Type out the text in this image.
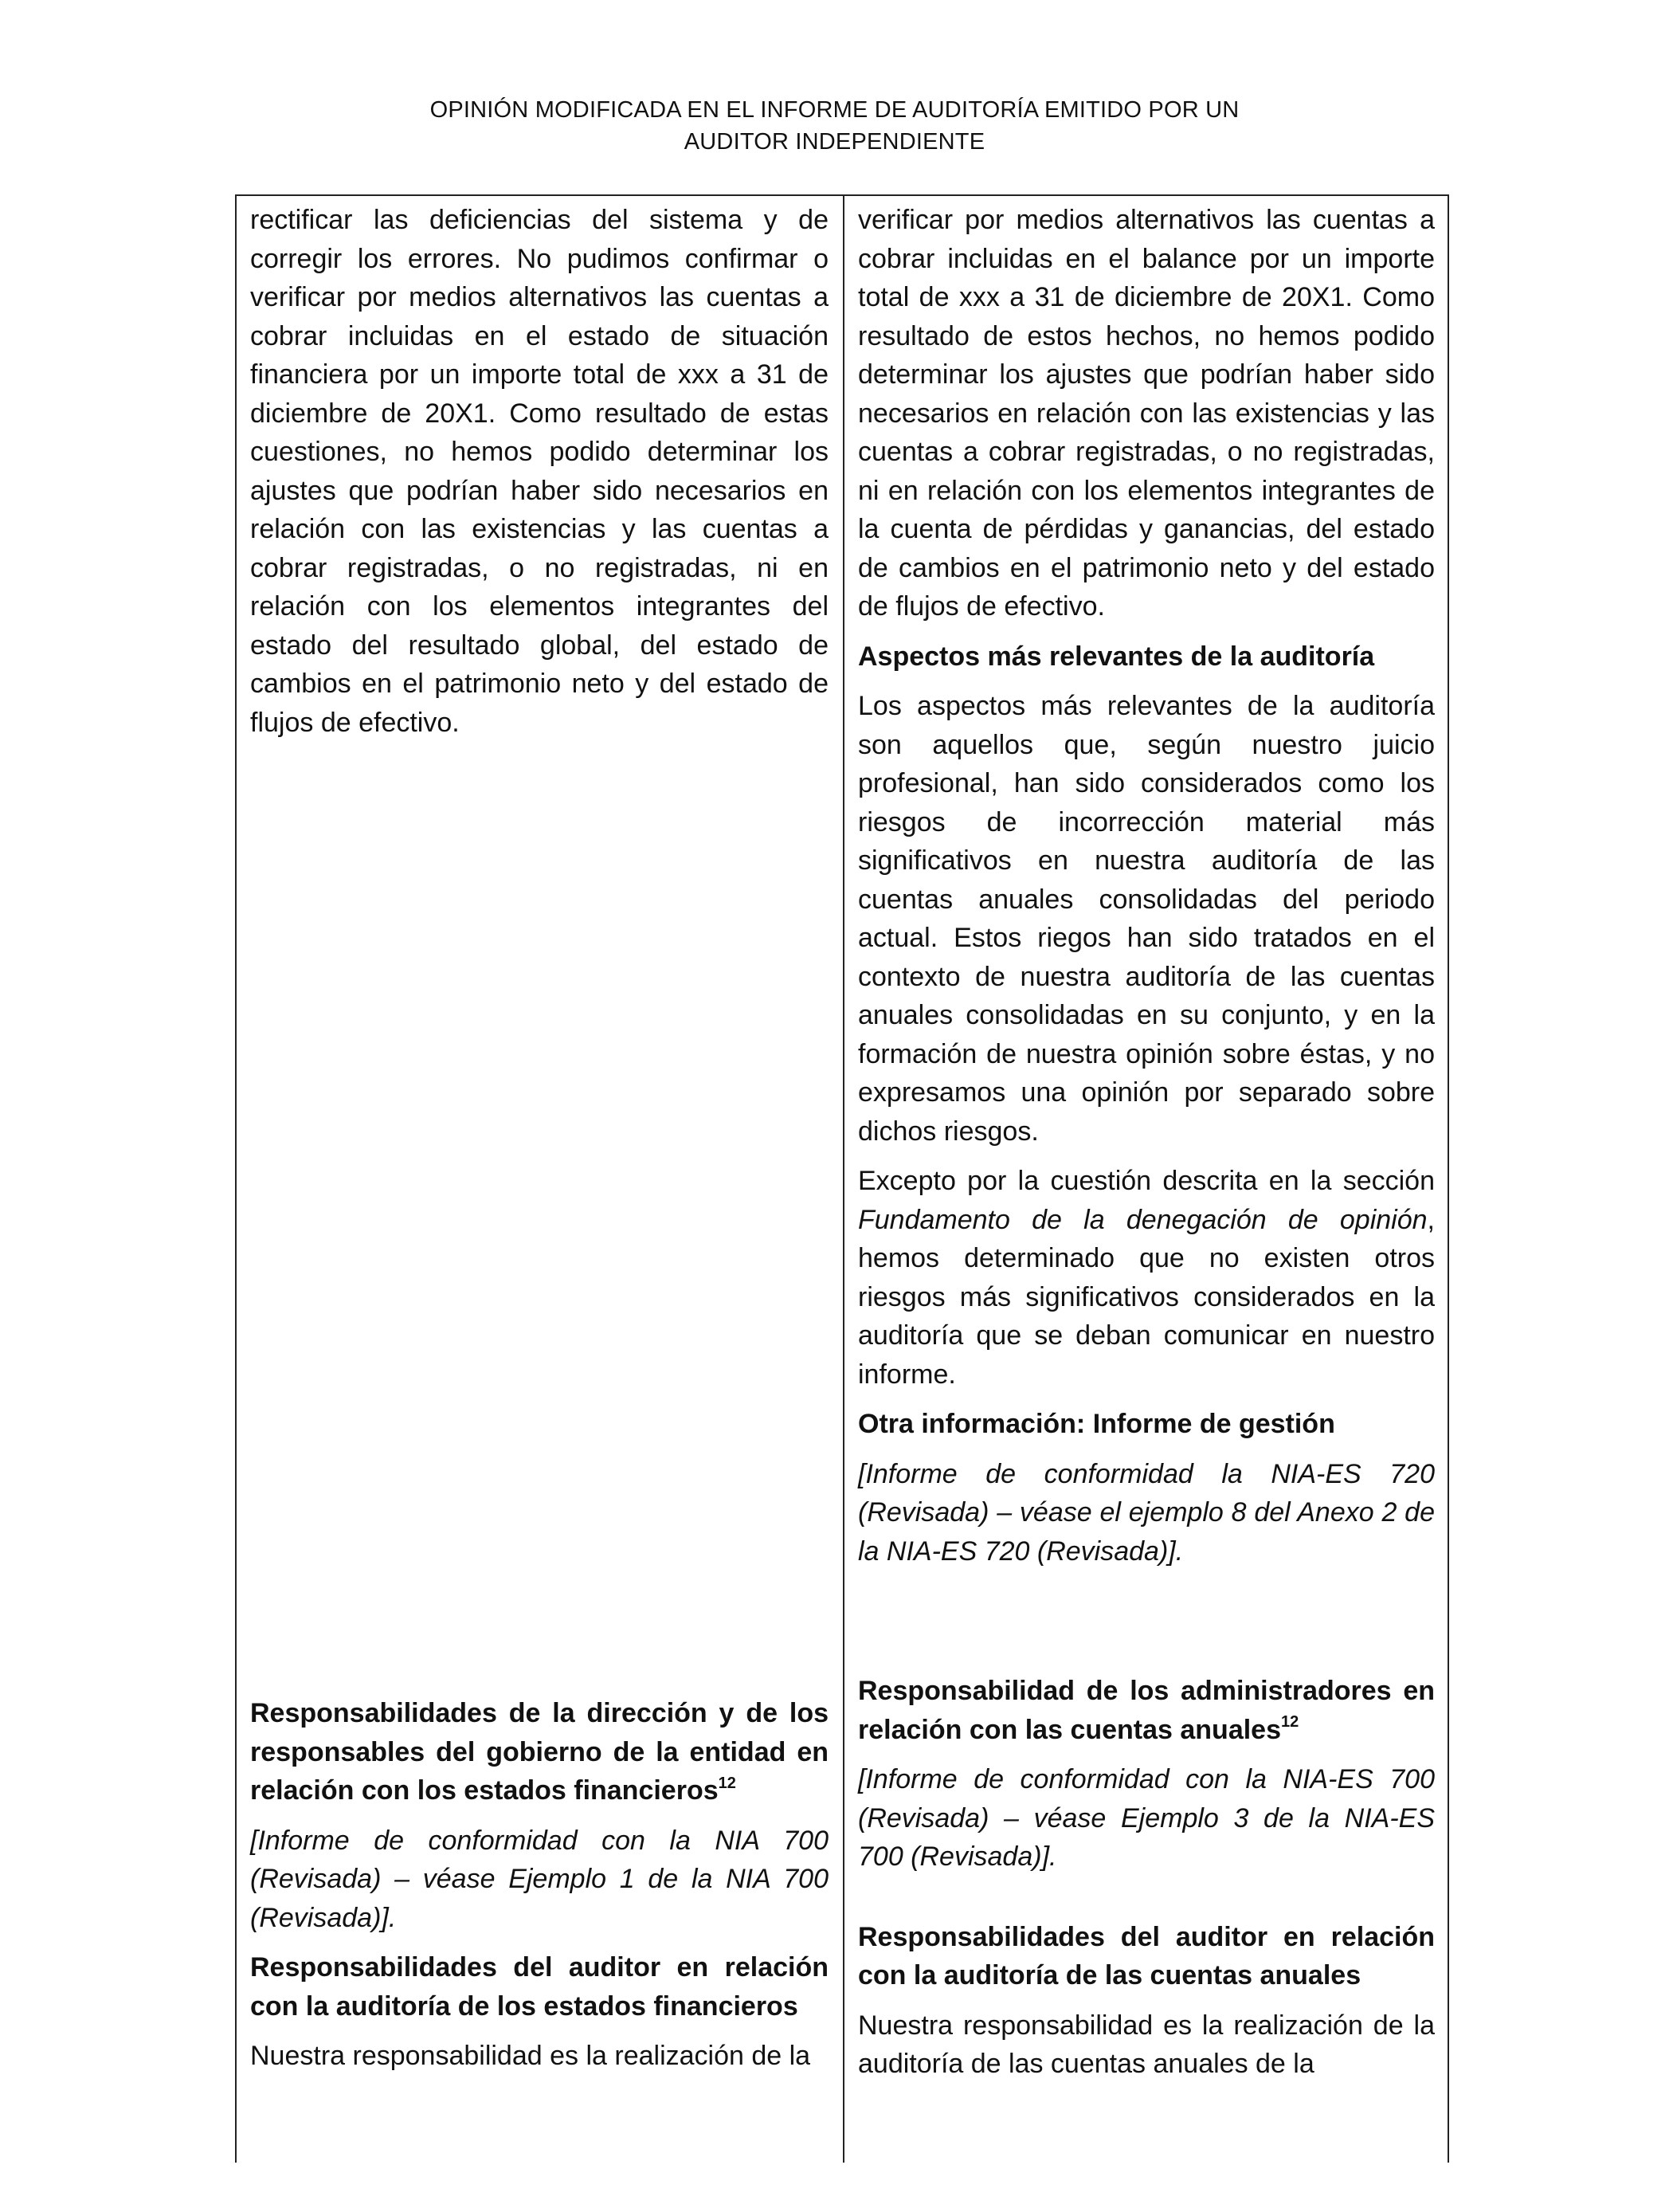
OPINIÓN MODIFICADA EN EL INFORME DE AUDITORÍA EMITIDO POR UN
AUDITOR INDEPENDIENTE

rectificar las deficiencias del sistema y de corregir los errores. No pudimos confirmar o verificar por medios alternativos las cuentas a cobrar incluidas en el estado de situación financiera por un importe total de xxx a 31 de diciembre de 20X1. Como resultado de estas cuestiones, no hemos podido determinar los ajustes que podrían haber sido necesarios en relación con las existencias y las cuentas a cobrar registradas, o no registradas, ni en relación con los elementos integrantes del estado del resultado global, del estado de cambios en el patrimonio neto y del estado de flujos de efectivo.

Responsabilidades de la dirección y de los responsables del gobierno de la entidad en relación con los estados financieros$^{12}$

[Informe de conformidad con la NIA 700 (Revisada) – véase Ejemplo 1 de la NIA 700 (Revisada)].

Responsabilidades del auditor en relación con la auditoría de los estados financieros

Nuestra responsabilidad es la realización de la

verificar por medios alternativos las cuentas a cobrar incluidas en el balance por un importe total de xxx a 31 de diciembre de 20X1. Como resultado de estos hechos, no hemos podido determinar los ajustes que podrían haber sido necesarios en relación con las existencias y las cuentas a cobrar registradas, o no registradas, ni en relación con los elementos integrantes de la cuenta de pérdidas y ganancias, del estado de cambios en el patrimonio neto y del estado de flujos de efectivo.

Aspectos más relevantes de la auditoría

Los aspectos más relevantes de la auditoría son aquellos que, según nuestro juicio profesional, han sido considerados como los riesgos de incorrección material más significativos en nuestra auditoría de las cuentas anuales consolidadas del periodo actual. Estos riegos han sido tratados en el contexto de nuestra auditoría de las cuentas anuales consolidadas en su conjunto, y en la formación de nuestra opinión sobre éstas, y no expresamos una opinión por separado sobre dichos riesgos.

Excepto por la cuestión descrita en la sección Fundamento de la denegación de opinión, hemos determinado que no existen otros riesgos más significativos considerados en la auditoría que se deban comunicar en nuestro informe.

Otra información: Informe de gestión

[Informe de conformidad la NIA-ES 720 (Revisada) – véase el ejemplo 8 del Anexo 2 de la NIA-ES 720 (Revisada)].

Responsabilidad de los administradores en relación con las cuentas anuales$^{12}$

[Informe de conformidad con la NIA-ES 700 (Revisada) – véase Ejemplo 3 de la NIA-ES 700 (Revisada)].

Responsabilidades del auditor en relación con la auditoría de las cuentas anuales

Nuestra responsabilidad es la realización de la auditoría de las cuentas anuales de la
